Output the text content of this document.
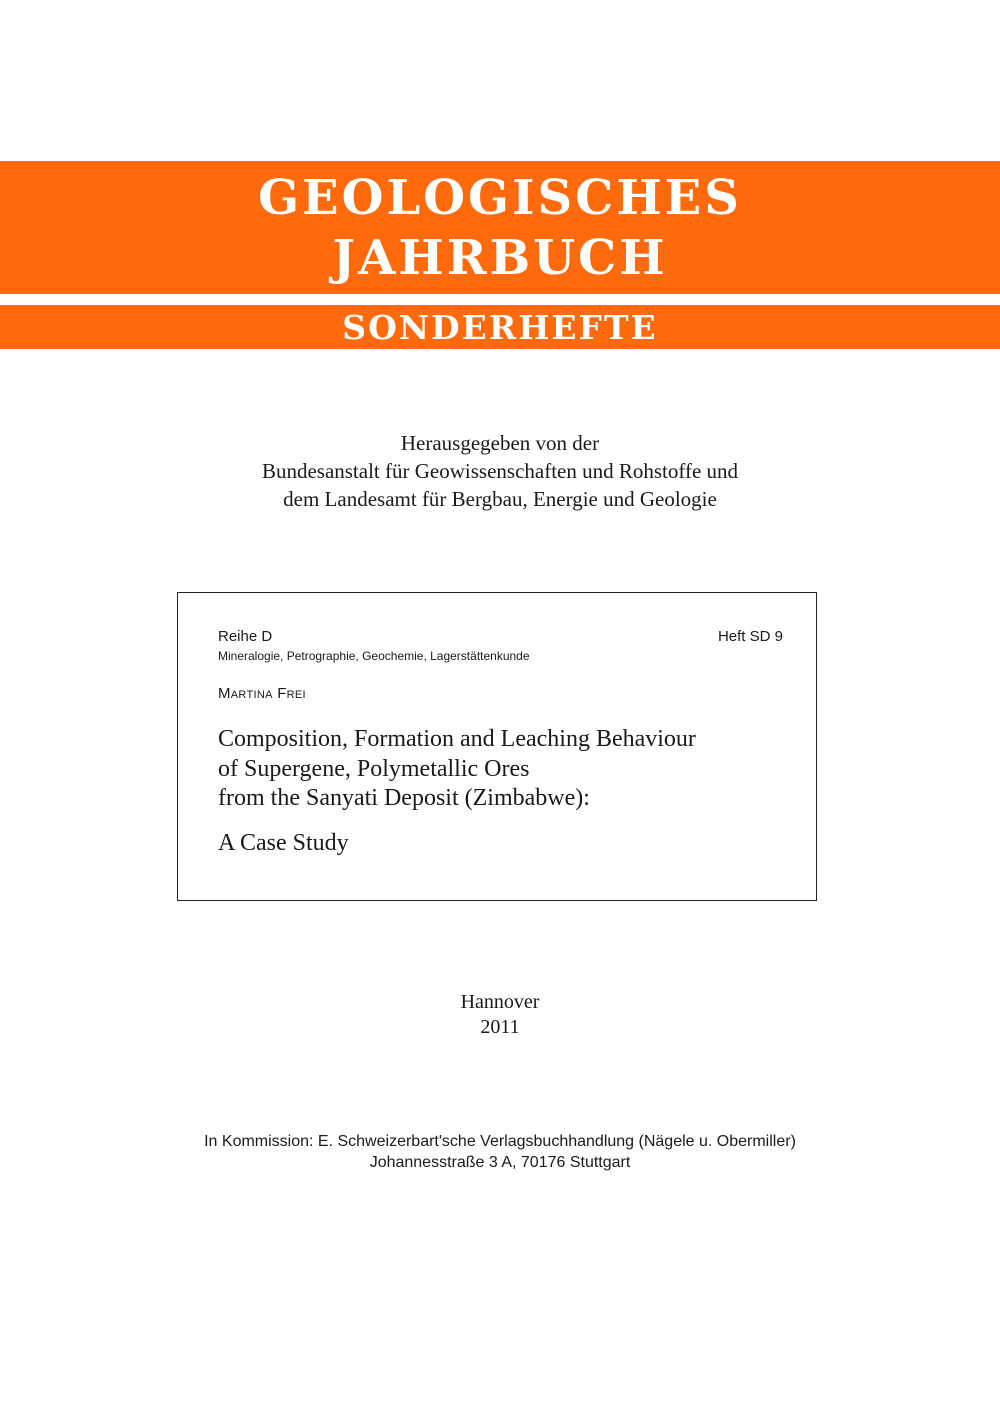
GEOLOGISCHES
JAHRBUCH
SONDERHEFTE
Herausgegeben von der
Bundesanstalt für Geowissenschaften und Rohstoffe und
dem Landesamt für Bergbau, Energie und Geologie
Reihe D	Heft SD 9
Mineralogie, Petrographie, Geochemie, Lagerstättenkunde
Martina Frei
Composition, Formation and Leaching Behaviour
of Supergene, Polymetallic Ores
from the Sanyati Deposit (Zimbabwe):
A Case Study
Hannover
2011
In Kommission: E. Schweizerbart'sche Verlagsbuchhandlung (Nägele u. Obermiller)
Johannesstraße 3 A, 70176 Stuttgart
